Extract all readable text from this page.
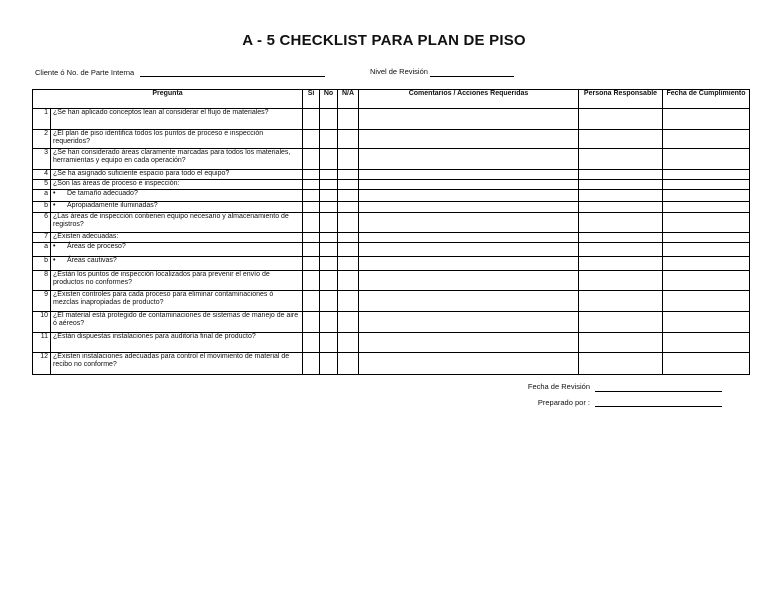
A - 5 CHECKLIST PARA PLAN DE PISO
Cliente ó No. de Parte Interna	Nivel de Revisión
Pregunta		Sí	No	N/A	Comentarios / Acciones Requeridas	Persona Responsable	Fecha de Cumplimiento
1	¿Se han aplicado conceptos lean al considerar el flujo de materiales?						
2	¿El plan de piso identifica todos los puntos de proceso e inspección requeridos?						
3	¿Se han considerado áreas claramente marcadas para todos los materiales, herramientas y equipo en cada operación?						
4	¿Se ha asignado suficiente espacio para todo el equipo?						
5	¿Son las áreas de proceso e inspección:						
a	•De tamaño adecuado?						
b	•Apropiadamente iluminadas?						
6	¿Las áreas de inspección contienen equipo necesario y almacenamiento de registros?						
7	¿Existen adecuadas:						
a	•Áreas de proceso?						
b	•Áreas cautivas?						
8	¿Están los puntos de inspección localizados para prevenir el envío de productos no conformes?						
9	¿Existen controles para cada proceso para eliminar contaminaciones ó mezclas inapropiadas de producto?						
10	¿El material está protegido de contaminaciones de sistemas de manejo de aire ó aéreos?						
11	¿Están dispuestas instalaciones para auditoría final de producto?						
12	¿Existen instalaciones adecuadas para control el movimiento de material de recibo no conforme?						
Fecha de Revisión
Preparado por :
